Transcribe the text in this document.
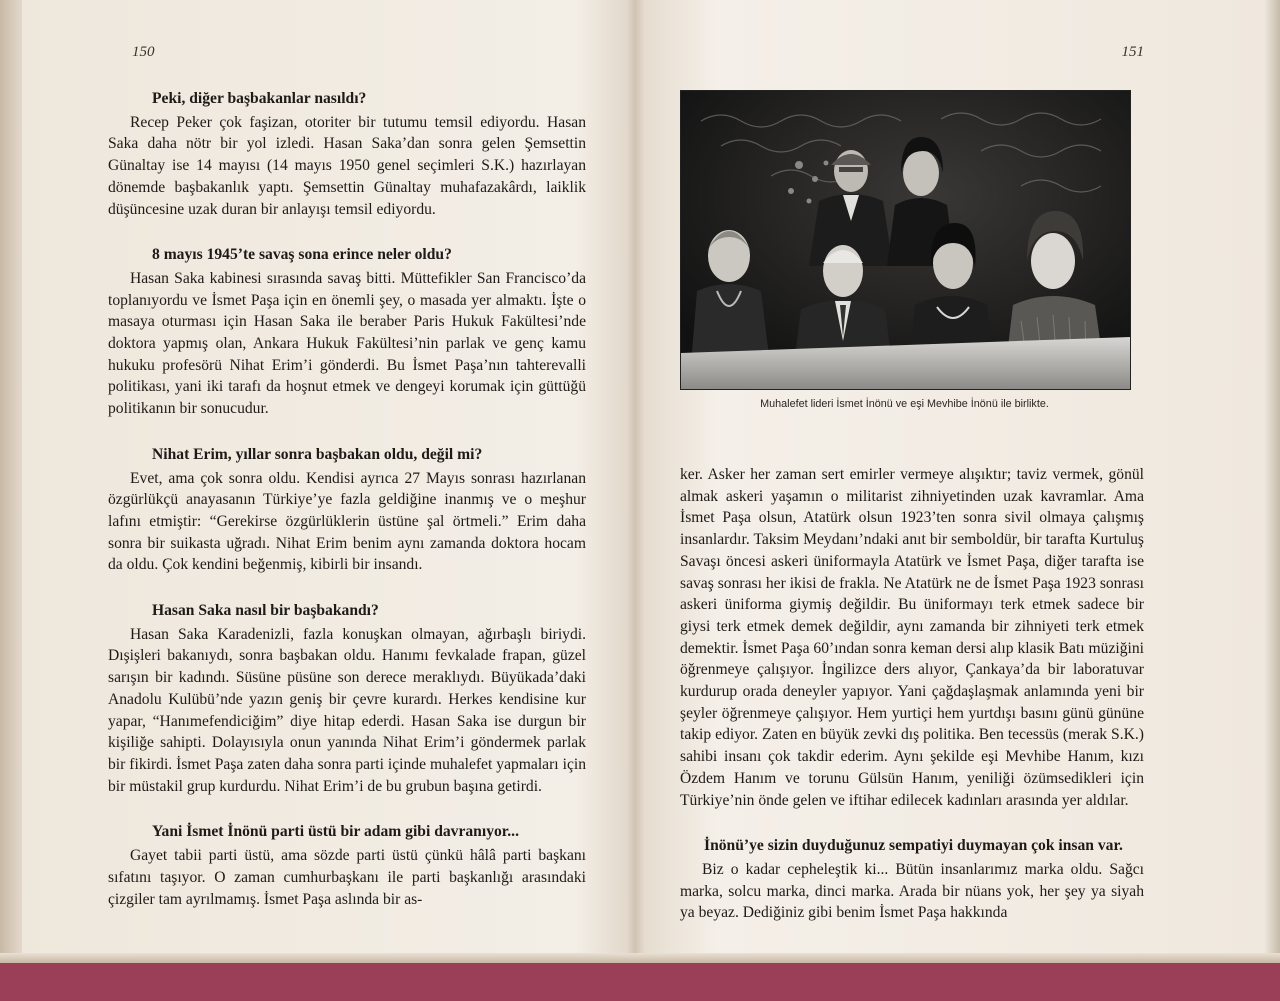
150

Peki, diğer başbakanlar nasıldı?

Recep Peker çok faşizan, otoriter bir tutumu temsil ediyordu. Hasan Saka daha nötr bir yol izledi. Hasan Saka’dan sonra gelen Şemsettin Günaltay ise 14 mayısı (14 mayıs 1950 genel seçimleri S.K.) hazırlayan dönemde başbakanlık yaptı. Şemsettin Günaltay muhafazakârdı, laiklik düşüncesine uzak duran bir anlayışı temsil ediyordu.

8 mayıs 1945’te savaş sona erince neler oldu?

Hasan Saka kabinesi sırasında savaş bitti. Müttefikler San Francisco’da toplanıyordu ve İsmet Paşa için en önemli şey, o masada yer almaktı. İşte o masaya oturması için Hasan Saka ile beraber Paris Hukuk Fakültesi’nde doktora yapmış olan, Ankara Hukuk Fakültesi’nin parlak ve genç kamu hukuku profesörü Nihat Erim’i gönderdi. Bu İsmet Paşa’nın tahterevalli politikası, yani iki tarafı da hoşnut etmek ve dengeyi korumak için güttüğü politikanın bir sonucudur.

Nihat Erim, yıllar sonra başbakan oldu, değil mi?

Evet, ama çok sonra oldu. Kendisi ayrıca 27 Mayıs sonrası hazırlanan özgürlükçü anayasanın Türkiye’ye fazla geldiğine inanmış ve o meşhur lafını etmiştir: “Gerekirse özgürlüklerin üstüne şal örtmeli.” Erim daha sonra bir suikasta uğradı. Nihat Erim benim aynı zamanda doktora hocam da oldu. Çok kendini beğenmiş, kibirli bir insandı.

Hasan Saka nasıl bir başbakandı?

Hasan Saka Karadenizli, fazla konuşkan olmayan, ağırbaşlı biriydi. Dışişleri bakanıydı, sonra başbakan oldu. Hanımı fevkalade frapan, güzel sarışın bir kadındı. Süsüne püsüne son derece meraklıydı. Büyükada’daki Anadolu Kulübü’nde yazın geniş bir çevre kurardı. Herkes kendisine kur yapar, “Hanımefendiciğim” diye hitap ederdi. Hasan Saka ise durgun bir kişiliğe sahipti. Dolayısıyla onun yanında Nihat Erim’i göndermek parlak bir fikirdi. İsmet Paşa zaten daha sonra parti içinde muhalefet yapmaları için bir müstakil grup kurdurdu. Nihat Erim’i de bu grubun başına getirdi.

Yani İsmet İnönü parti üstü bir adam gibi davranıyor...

Gayet tabii parti üstü, ama sözde parti üstü çünkü hâlâ parti başkanı sıfatını taşıyor. O zaman cumhurbaşkanı ile parti başkanlığı arasındaki çizgiler tam ayrılmamış. İsmet Paşa aslında bir as-

151
Muhalefet lideri İsmet İnönü ve eşi Mevhibe İnönü ile birlikte.

ker. Asker her zaman sert emirler vermeye alışıktır; taviz vermek, gönül almak askeri yaşamın o militarist zihniyetinden uzak kavramlar. Ama İsmet Paşa olsun, Atatürk olsun 1923’ten sonra sivil olmaya çalışmış insanlardır. Taksim Meydanı’ndaki anıt bir semboldür, bir tarafta Kurtuluş Savaşı öncesi askeri üniformayla Atatürk ve İsmet Paşa, diğer tarafta ise savaş sonrası her ikisi de frakla. Ne Atatürk ne de İsmet Paşa 1923 sonrası askeri üniforma giymiş değildir. Bu üniformayı terk etmek sadece bir giysi terk etmek demek değildir, aynı zamanda bir zihniyeti terk etmek demektir. İsmet Paşa 60’ından sonra keman dersi alıp klasik Batı müziğini öğrenmeye çalışıyor. İngilizce ders alıyor, Çankaya’da bir laboratuvar kurdurup orada deneyler yapıyor. Yani çağdaşlaşmak anlamında yeni bir şeyler öğrenmeye çalışıyor. Hem yurtiçi hem yurtdışı basını günü gününe takip ediyor. Zaten en büyük zevki dış politika. Ben tecessüs (merak S.K.) sahibi insanı çok takdir ederim. Aynı şekilde eşi Mevhibe Hanım, kızı Özdem Hanım ve torunu Gülsün Hanım, yeniliği özümsedikleri için Türkiye’nin önde gelen ve iftihar edilecek kadınları arasında yer aldılar.

İnönü’ye sizin duyduğunuz sempatiyi duymayan çok insan var.

Biz o kadar cepheleştik ki... Bütün insanlarımız marka oldu. Sağcı marka, solcu marka, dinci marka. Arada bir nüans yok, her şey ya siyah ya beyaz. Dediğiniz gibi benim İsmet Paşa hakkında
